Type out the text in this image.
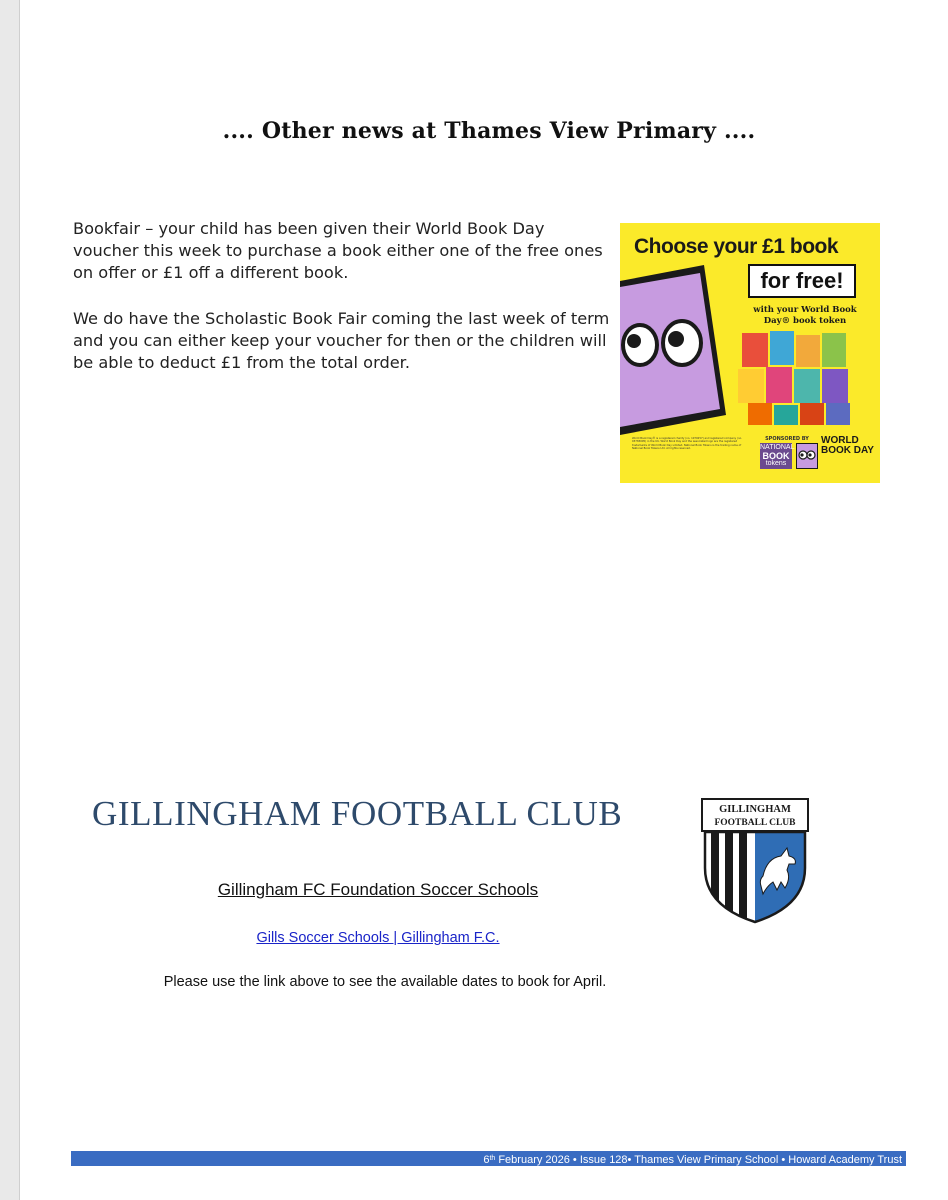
.... Other news at Thames View Primary ....
Bookfair – your child has been given their World Book Day voucher this week to purchase a book either one of the free ones on offer or £1 off a different book.
We do have the Scholastic Book Fair coming the last week of term and you can either keep your voucher for then or the children will be able to deduct £1 from the total order.
Choose your £1 book
for free!
with your World Book Day® book token
World Book Day® is a registered charity (no. 1079257) and registered company (no. 03783095) in the UK. World Book Day and the associated logo are the registered trademarks of World Book Day Limited. National Book Tokens is the trading name of National Book Tokens Ltd. All rights reserved.
SPONSORED BY
NATIONAL
BOOK
tokens
WORLD BOOK DAY
GILLINGHAM FOOTBALL CLUB	GILLINGHAM
FOOTBALL CLUB
Gillingham FC Foundation Soccer Schools
Gills Soccer Schools | Gillingham F.C.
Please use the link above to see the available dates to book for April.
6th February 2026 • Issue 128• Thames View Primary School • Howard Academy Trust
